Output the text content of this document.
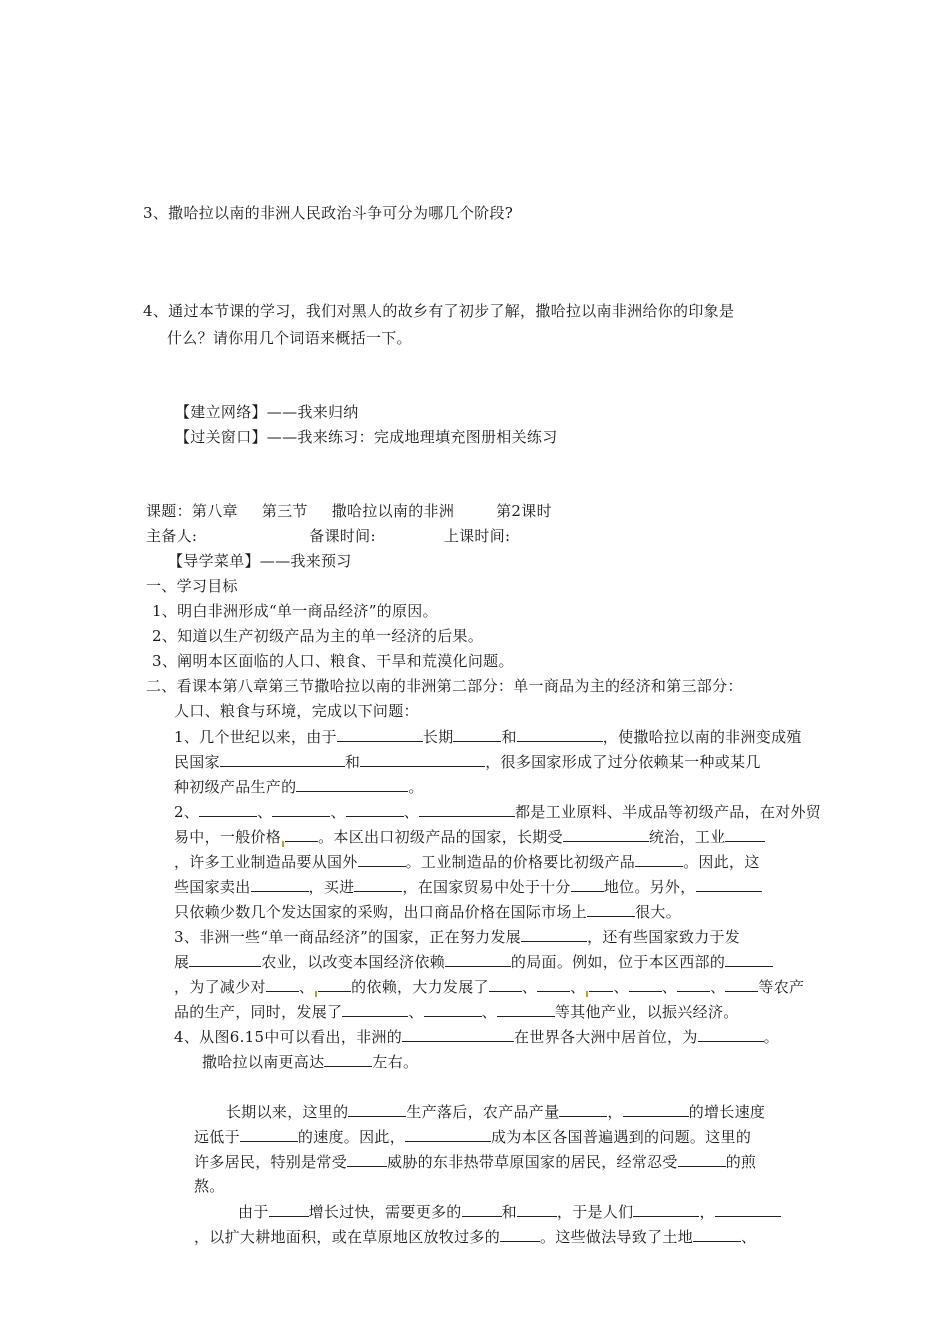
3、撒哈拉以南的非洲人民政治斗争可分为哪几个阶段?
4、通过本节课的学习，我们对黑人的故乡有了初步了解，撒哈拉以南非洲给你的印象是
什么？请你用几个词语来概括一下。
【建立网络】——我来归纳
【过关窗口】——我来练习：完成地理填充图册相关练习
课题：第八章 第三节 撒哈拉以南的非洲	第2课时
主备人:	备课时间:	上课时间:
【导学菜单】——我来预习
一、学习目标
1、明白非洲形成“单一商品经济”的原因。
2、知道以生产初级产品为主的单一经济的后果。
3、阐明本区面临的人口、粮食、干旱和荒漠化问题。
二、看课本第八章第三节撒哈拉以南的非洲第二部分：单一商品为主的经济和第三部分：
人口、粮食与环境，完成以下问题：
1、几个世纪以来，由于	长期	和	，使撒哈拉以南的非洲变成殖
民国家	和	，很多国家形成了过分依赖某一种或某几
种初级产品生产的	。
2、	、	、	、	都是工业原料、半成品等初级产品，在对外贸
易中，一般价格 。本区出口初级产品的国家，长期受	统治，工业
，许多工业制造品要从国外	。工业制造品的价格要比初级产品	。因此，这
些国家卖出	，买进	，在国家贸易中处于十分 地位。另外，
只依赖少数几个发达国家的采购，出口商品价格在国际市场上	很大。
3、非洲一些“单一商品经济”的国家，正在努力发展	，还有些国家致力于发
展	农业，以改变本国经济依赖	的局面。例如，位于本区西部的
，为了减少对 、 的依赖，大力发展了 、 、 、 、 、 等农产
品的生产，同时，发展了	、	、	等其他产业，以振兴经济。
4、从图6.15中可以看出，非洲的	在世界各大洲中居首位，为	。
撒哈拉以南更高达	左右。
长期以来，这里的	生产落后，农产品产量	，	的增长速度
远低于	的速度。因此，	成为本区各国普遍遇到的问题。这里的
许多居民，特别是常受	威胁的东非热带草原国家的居民，经常忍受	的煎
熬。
由于	增长过快，需要更多的	和	，于是人们	，
，以扩大耕地面积，或在草原地区放牧过多的	。这些做法导致了土地	、
